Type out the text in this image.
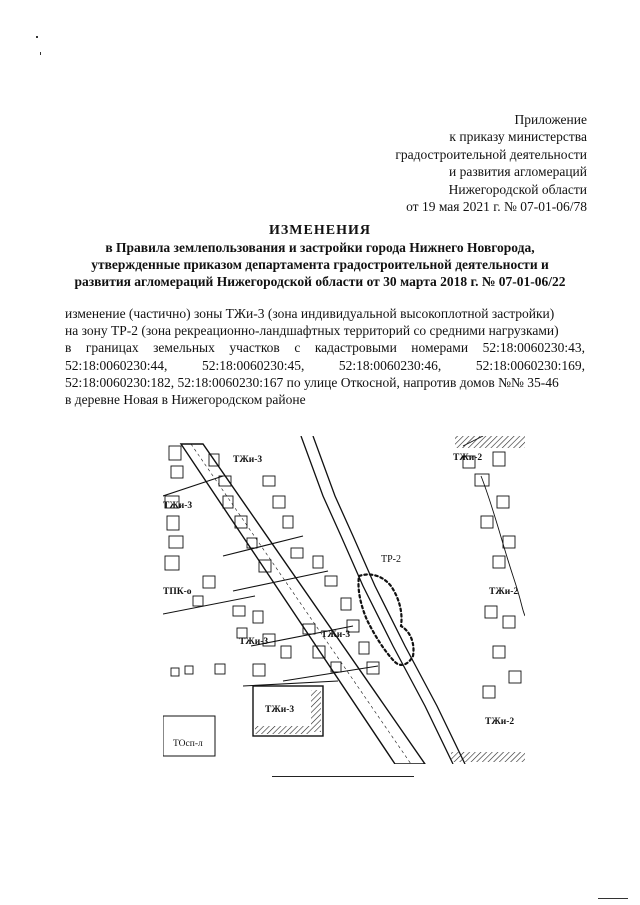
Приложение
к приказу министерства
градостроительной деятельности
и развития агломераций
Нижегородской области
от 19 мая 2021 г. № 07-01-06/78
ИЗМЕНЕНИЯ
в Правила землепользования и застройки города Нижнего Новгорода,
утвержденные приказом департамента градостроительной деятельности и
развития агломераций Нижегородской области от 30 марта 2018 г. № 07-01-06/22
изменение (частично) зоны ТЖи-3 (зона индивидуальной высокоплотной застройки)
на зону ТР-2 (зона рекреационно-ландшафтных территорий со средними нагрузками)
в границах земельных участков с кадастровыми номерами 52:18:0060230:43,
52:18:0060230:44,	52:18:0060230:45,	52:18:0060230:46,	52:18:0060230:169,
52:18:0060230:182, 52:18:0060230:167 по улице Откосной, напротив домов №№ 35-46
в деревне Новая в Нижегородском районе
ТЖи-3
ТЖи-3
ТЖи-3
ТЖи-3
ТЖи-3
ТР-2
ТЖи-2
ТЖи-2
ТЖи-2
ТПК-о
ТОсп-л
